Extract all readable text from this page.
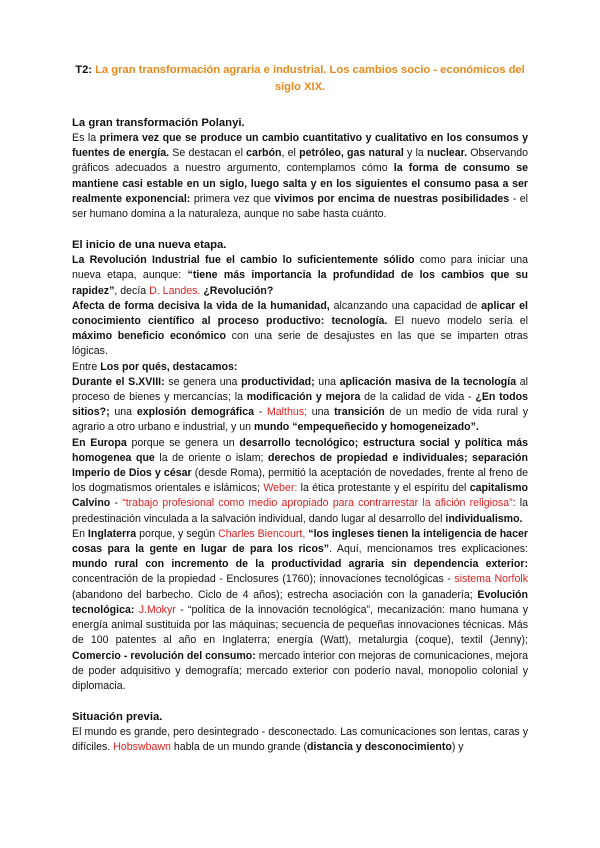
T2: La gran transformación agraria e industrial. Los cambios socio - económicos del siglo XIX.
La gran transformación Polanyi.

Es la primera vez que se produce un cambio cuantitativo y cualitativo en los consumos y fuentes de energía. Se destacan el carbón, el petróleo, gas natural y la nuclear. Observando gráficos adecuados a nuestro argumento, contemplamos cómo la forma de consumo se mantiene casi estable en un siglo, luego salta y en los siguientes el consumo pasa a ser realmente exponencial: primera vez que vivimos por encima de nuestras posibilidades - el ser humano domina a la naturaleza, aunque no sabe hasta cuánto.

El inicio de una nueva etapa.

La Revolución Industrial fue el cambio lo suficientemente sólido como para iniciar una nueva etapa, aunque: “tiene más importancia la profundidad de los cambios que su rapidez”, decía D. Landes. ¿Revolución?

Afecta de forma decisiva la vida de la humanidad, alcanzando una capacidad de aplicar el conocimiento científico al proceso productivo: tecnología. El nuevo modelo sería el máximo beneficio económico con una serie de desajustes en las que se imparten otras lógicas.

Entre Los por qués, destacamos:

Durante el S.XVIII: se genera una productividad; una aplicación masiva de la tecnología al proceso de bienes y mercancías; la modificación y mejora de la calidad de vida - ¿En todos sitios?; una explosión demográfica - Malthus; una transición de un medio de vida rural y agrario a otro urbano e industrial, y un mundo “empequeñecido y homogeneizado”.

En Europa porque se genera un desarrollo tecnológico; estructura social y política más homogenea que la de oriente o islam; derechos de propiedad e individuales; separación Imperio de Dios y césar (desde Roma), permitió la aceptación de novedades, frente al freno de los dogmatismos orientales e islámicos; Weber: la ética protestante y el espíritu del capitalismo Calvino - “trabajo profesional como medio apropiado para contrarrestar la afición religiosa”: la predestinación vinculada a la salvación individual, dando lugar al desarrollo del individualismo.

En Inglaterra porque, y según Charles Biencourt, “los ingleses tienen la inteligencia de hacer cosas para la gente en lugar de para los ricos”. Aquí, mencionamos tres explicaciones: mundo rural con incremento de la productividad agraria sin dependencia exterior: concentración de la propiedad - Enclosures (1760); innovaciones tecnológicas - sistema Norfolk (abandono del barbecho. Ciclo de 4 años); estrecha asociación con la ganadería; Evolución tecnológica: J.Mokyr - “política de la innovación tecnológica”, mecanización: mano humana y energía animal sustituida por las máquinas; secuencia de pequeñas innovaciones técnicas. Más de 100 patentes al año en Inglaterra; energía (Watt), metalurgia (coque), textil (Jenny); Comercio - revolución del consumo: mercado interior con mejoras de comunicaciones, mejora de poder adquisitivo y demografía; mercado exterior con poderío naval, monopolio colonial y diplomacia.

Situación previa.

El mundo es grande, pero desintegrado - desconectado. Las comunicaciones son lentas, caras y difíciles. Hobswbawn habla de un mundo grande (distancia y desconocimiento) y
